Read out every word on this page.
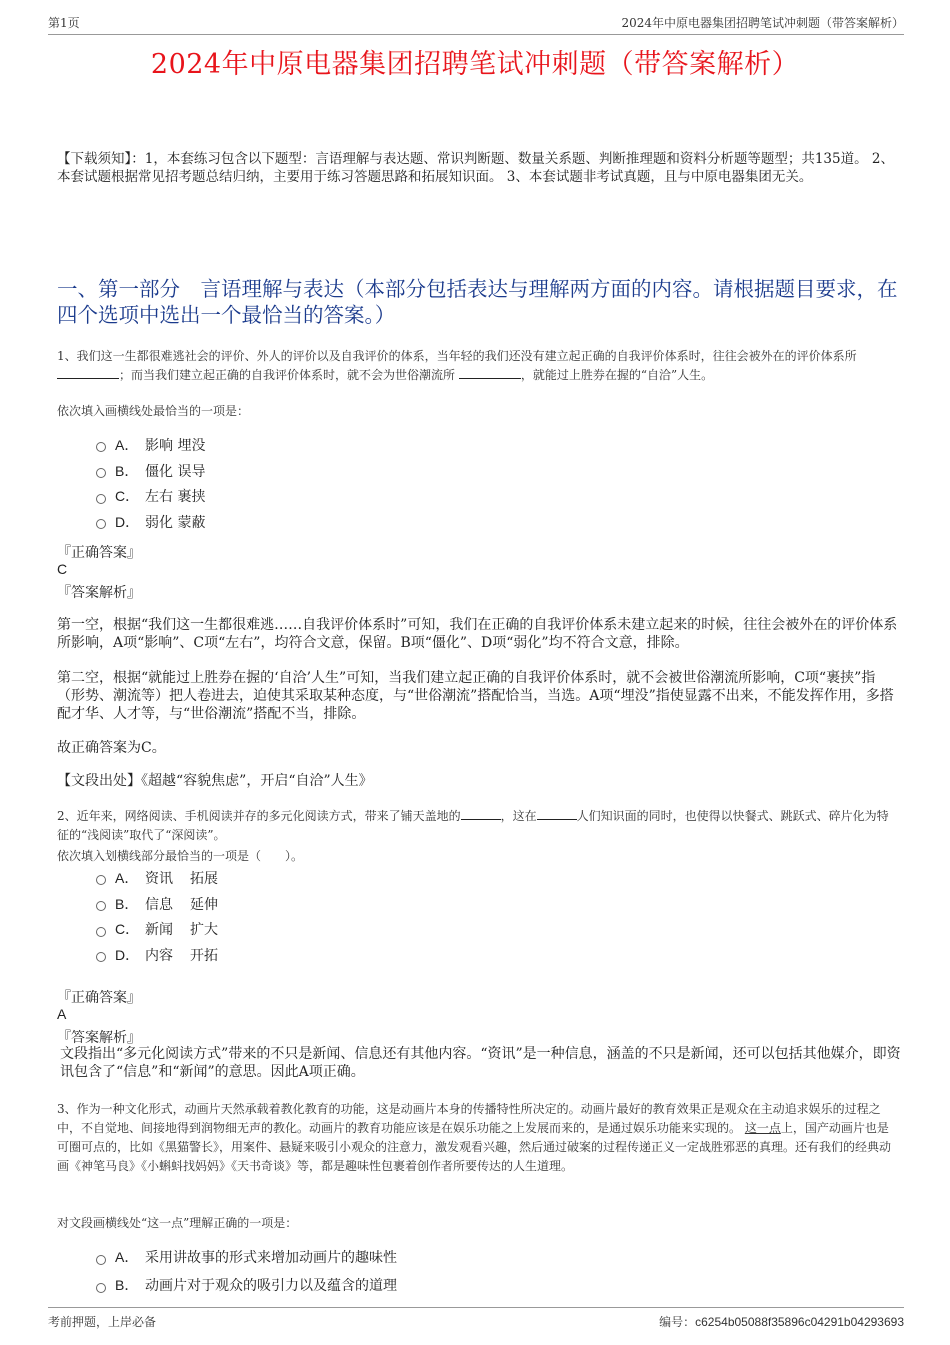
第1页	2024年中原电器集团招聘笔试冲刺题（带答案解析）
2024年中原电器集团招聘笔试冲刺题（带答案解析）
【下载须知】：1，本套练习包含以下题型：言语理解与表达题、常识判断题、数量关系题、判断推理题和资料分析题等题型；共135道。 2、本套试题根据常见招考题总结归纳，主要用于练习答题思路和拓展知识面。 3、本套试题非考试真题，且与中原电器集团无关。
一、第一部分　言语理解与表达（本部分包括表达与理解两方面的内容。请根据题目要求，在四个选项中选出一个最恰当的答案。）
1、我们这一生都很难逃社会的评价、外人的评价以及自我评价的体系，当年轻的我们还没有建立起正确的自我评价体系时，往往会被外在的评价体系所 ；而当我们建立起正确的自我评价体系时，就不会为世俗潮流所	，就能过上胜券在握的“自洽”人生。
依次填入画横线处最恰当的一项是：
A． 影响 埋没
B． 僵化 误导
C． 左右 裹挟
D． 弱化 蒙蔽
『正确答案』
C
『答案解析』
第一空，根据“我们这一生都很难逃……自我评价体系时”可知，我们在正确的自我评价体系未建立起来的时候，往往会被外在的评价体系所影响，A项“影响”、C项“左右”，均符合文意，保留。B项“僵化”、D项“弱化”均不符合文意，排除。
第二空，根据“就能过上胜券在握的‘自洽’人生”可知，当我们建立起正确的自我评价体系时，就不会被世俗潮流所影响，C项“裹挟”指（形势、潮流等）把人卷进去，迫使其采取某种态度，与“世俗潮流”搭配恰当，当选。A项“埋没”指使显露不出来，不能发挥作用，多搭配才华、人才等，与“世俗潮流”搭配不当，排除。
故正确答案为C。
【文段出处】《超越“容貌焦虑”，开启“自洽”人生》
2、近年来，网络阅读、手机阅读并存的多元化阅读方式，带来了铺天盖地的	，这在	人们知识面的同时，也使得以快餐式、跳跃式、碎片化为特征的“浅阅读”取代了“深阅读”。
依次填入划横线部分最恰当的一项是（　　）。
A． 资讯	拓展
B． 信息	延伸
C． 新闻	扩大
D． 内容	开拓
『正确答案』
A
『答案解析』
文段指出“多元化阅读方式”带来的不只是新闻、信息还有其他内容。“资讯”是一种信息，涵盖的不只是新闻，还可以包括其他媒介，即资讯包含了“信息”和“新闻”的意思。因此A项正确。
3、作为一种文化形式，动画片天然承载着教化教育的功能，这是动画片本身的传播特性所决定的。动画片最好的教育效果正是观众在主动追求娱乐的过程之中，不自觉地、间接地得到润物细无声的教化。动画片的教育功能应该是在娱乐功能之上发展而来的，是通过娱乐功能来实现的。 这一点上，国产动画片也是可圈可点的，比如《黑猫警长》，用案件、悬疑来吸引小观众的注意力，激发观看兴趣，然后通过破案的过程传递正义一定战胜邪恶的真理。还有我们的经典动画《神笔马良》《小蝌蚪找妈妈》《天书奇谈》等，都是趣味性包裹着创作者所要传达的人生道理。
对文段画横线处“这一点”理解正确的一项是：
A． 采用讲故事的形式来增加动画片的趣味性
B． 动画片对于观众的吸引力以及蕴含的道理
考前押题，上岸必备	编号：c6254b05088f35896c04291b04293693
